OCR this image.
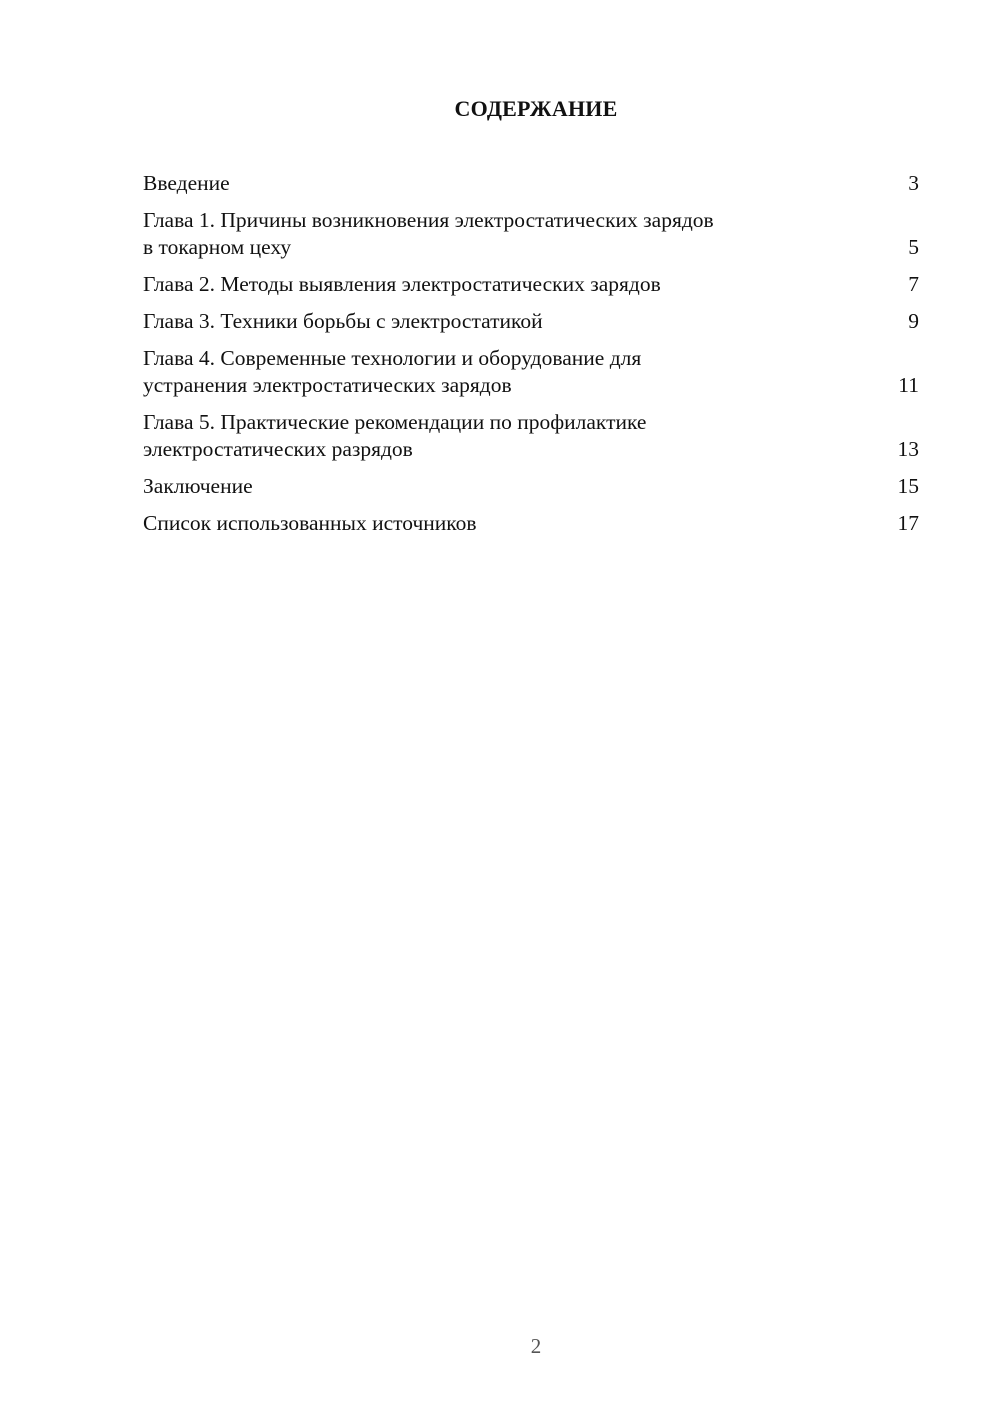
СОДЕРЖАНИЕ
Введение	3
Глава 1. Причины возникновения электростатических зарядов
в токарном цеху	5
Глава 2. Методы выявления электростатических зарядов	7
Глава 3. Техники борьбы с электростатикой	9
Глава 4. Современные технологии и оборудование для
устранения электростатических зарядов	11
Глава 5. Практические рекомендации по профилактике
электростатических разрядов	13
Заключение	15
Список использованных источников	17
2
